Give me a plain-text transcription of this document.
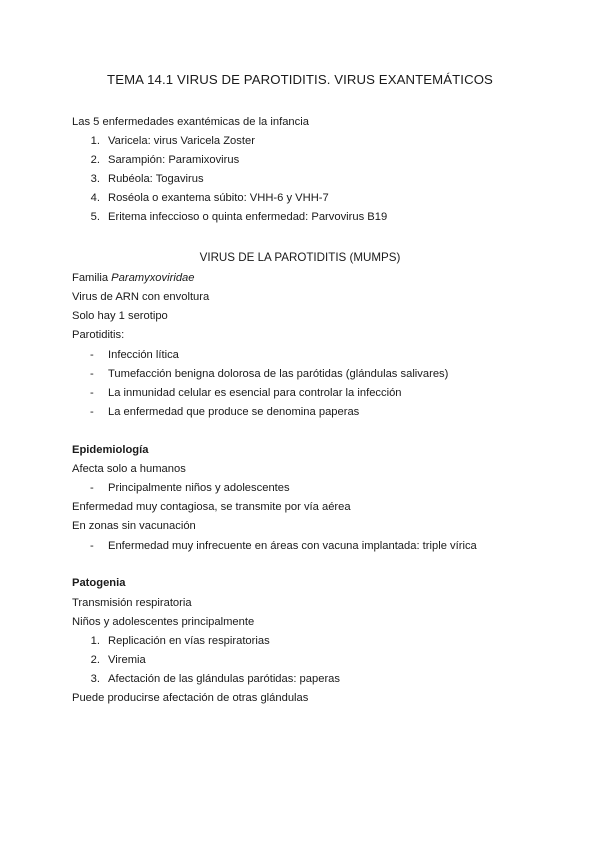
TEMA 14.1 VIRUS DE PAROTIDITIS. VIRUS EXANTEMÁTICOS
Las 5 enfermedades exantémicas de la infancia
1. Varicela: virus Varicela Zoster
2. Sarampión: Paramixovirus
3. Rubéola: Togavirus
4. Roséola o exantema súbito: VHH-6 y VHH-7
5. Eritema infeccioso o quinta enfermedad: Parvovirus B19
VIRUS DE LA PAROTIDITIS (MUMPS)
Familia Paramyxoviridae
Virus de ARN con envoltura
Solo hay 1 serotipo
Parotiditis:
- Infección lítica
- Tumefacción benigna dolorosa de las parótidas (glándulas salivares)
- La inmunidad celular es esencial para controlar la infección
- La enfermedad que produce se denomina paperas
Epidemiología
Afecta solo a humanos
- Principalmente niños y adolescentes
Enfermedad muy contagiosa, se transmite por vía aérea
En zonas sin vacunación
- Enfermedad muy infrecuente en áreas con vacuna implantada: triple vírica
Patogenia
Transmisión respiratoria
Niños y adolescentes principalmente
1. Replicación en vías respiratorias
2. Viremia
3. Afectación de las glándulas parótidas: paperas
Puede producirse afectación de otras glándulas
